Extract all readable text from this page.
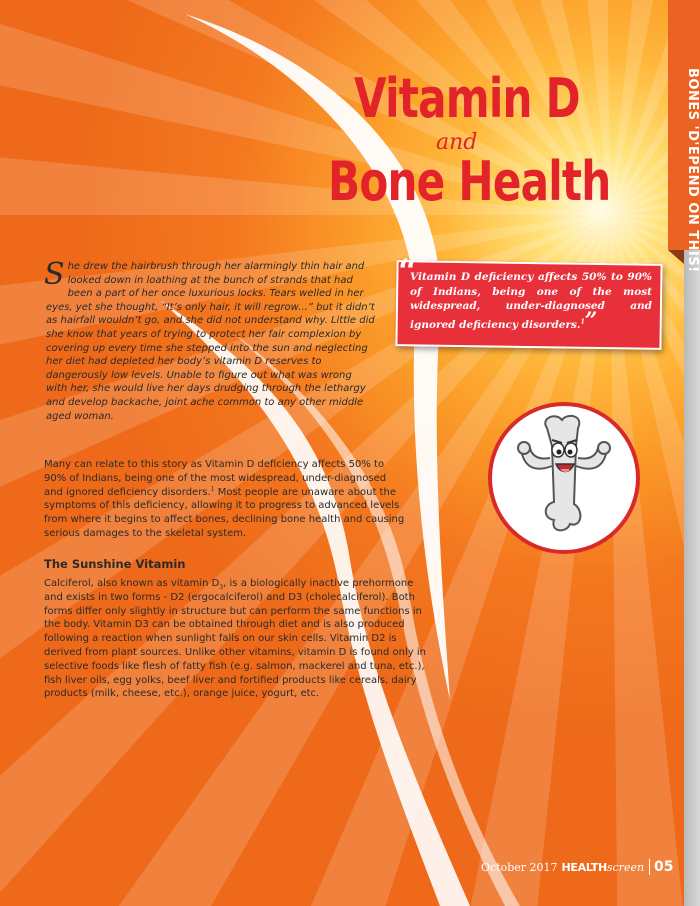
BONES 'D'EPEND ON THIS!
Vitamin D
and
Bone Health
“
Vitamin D deficiency affects 50% to 90% of Indians, being one of the most widespread, under-diagnosed and ignored deficiency disorders.$^1$”
S he drew the hairbrush through her alarmingly thin hair and looked down in loathing at the bunch of strands that had been a part of her once luxurious locks. Tears welled in her eyes, yet she thought, “It’s only hair, it will regrow...” but it didn’t as hairfall wouldn’t go, and she did not understand why. Little did she know that years of trying to protect her fair complexion by covering up every time she stepped into the sun and neglecting her diet had depleted her body’s vitamin D reserves to dangerously low levels. Unable to figure out what was wrong with her, she would live her days drudging through the lethargy and develop backache, joint ache common to any other middle aged woman.
Many can relate to this story as Vitamin D deficiency affects 50% to 90% of Indians, being one of the most widespread, under-diagnosed and ignored deficiency disorders.$^1$ Most people are unaware about the symptoms of this deficiency, allowing it to progress to advanced levels from where it begins to affect bones, declining bone health and causing serious damages to the skeletal system.
The Sunshine Vitamin
Calciferol, also known as vitamin $D_3$, is a biologically inactive prehormone and exists in two forms - D2 (ergocalciferol) and D3 (cholecalciferol). Both forms differ only slightly in structure but can perform the same functions in the body. Vitamin D3 can be obtained through diet and is also produced following a reaction when sunlight falls on our skin cells. Vitamin D2 is derived from plant sources. Unlike other vitamins, vitamin D is found only in selective foods like flesh of fatty fish (e.g. salmon, mackerel and tuna, etc.), fish liver oils, egg yolks, beef liver and fortified products like cereals, dairy products (milk, cheese, etc.), orange juice, yogurt, etc.
October 2017 HEALTH screen 05
